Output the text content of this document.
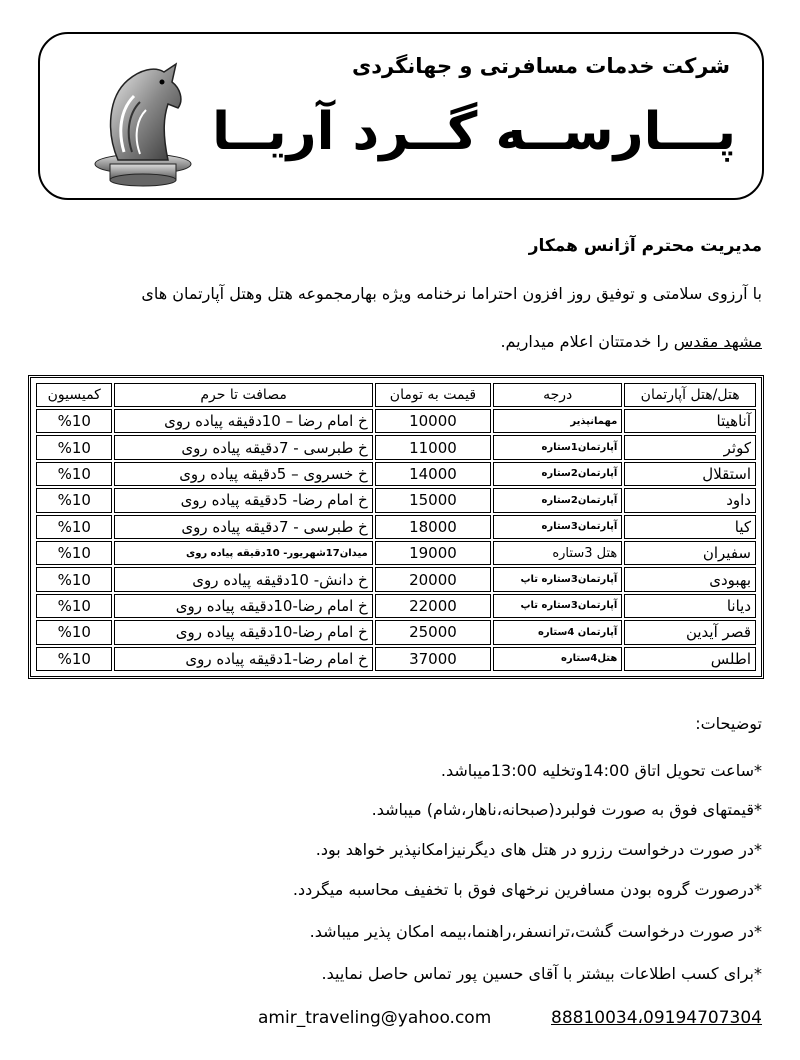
شرکت خدمات مسافرتی و جهانگردی
پـــارســه گــرد آریــا
مدیریت محترم آژانس همکار
با آرزوی سلامتی و توفیق روز افزون احتراما نرخنامه ویژه بهارمجموعه هتل وهتل آپارتمان های
مشهد مقدس را خدمتتان اعلام میداریم.
هتل/هتل آپارتمان	درجه	قیمت به تومان	مصافت تا حرم	کمیسیون
آناهیتا	مهمانپذیر	10000	خ امام رضا – 10دقیقه پیاده روی	%10
کوثر	آپارتمان1ستاره	11000	خ طبرسی - 7دقیقه پیاده روی	%10
استقلال	آپارتمان2ستاره	14000	خ خسروی – 5دقیقه پیاده روی	%10
داود	آپارتمان2ستاره	15000	خ امام رضا- 5دقیقه پیاده روی	%10
کیا	آپارتمان3ستاره	18000	خ طبرسی - 7دقیقه پیاده روی	%10
سفیران	هتل 3ستاره	19000	میدان17شهریور- 10دقیقه پیاده روی	%10
بهبودی	آپارتمان3ستاره تاپ	20000	خ دانش- 10دقیقه پیاده روی	%10
دیانا	آپارتمان3ستاره تاپ	22000	خ امام رضا-10دقیقه پیاده روی	%10
قصر آیدین	آپارتمان 4ستاره	25000	خ امام رضا-10دقیقه پیاده روی	%10
اطلس	هتل4ستاره	37000	خ امام رضا-1دقیقه پیاده روی	%10
توضیحات:
*ساعت تحویل اتاق 14:00وتخلیه 13:00میباشد.
*قیمتهای فوق به صورت فولبرد(صبحانه،ناهار،شام) میباشد.
*در صورت درخواست رزرو در هتل های دیگرنیزامکانپذیر خواهد بود.
*درصورت گروه بودن مسافرین نرخهای فوق با تخفیف محاسبه میگردد.
*در صورت درخواست گشت،ترانسفر،راهنما،بیمه امکان پذیر میباشد.
*برای کسب اطلاعات بیشتر با آقای حسین پور تماس حاصل نمایید.
amir_traveling@yahoo.com	88810034،09194707304
